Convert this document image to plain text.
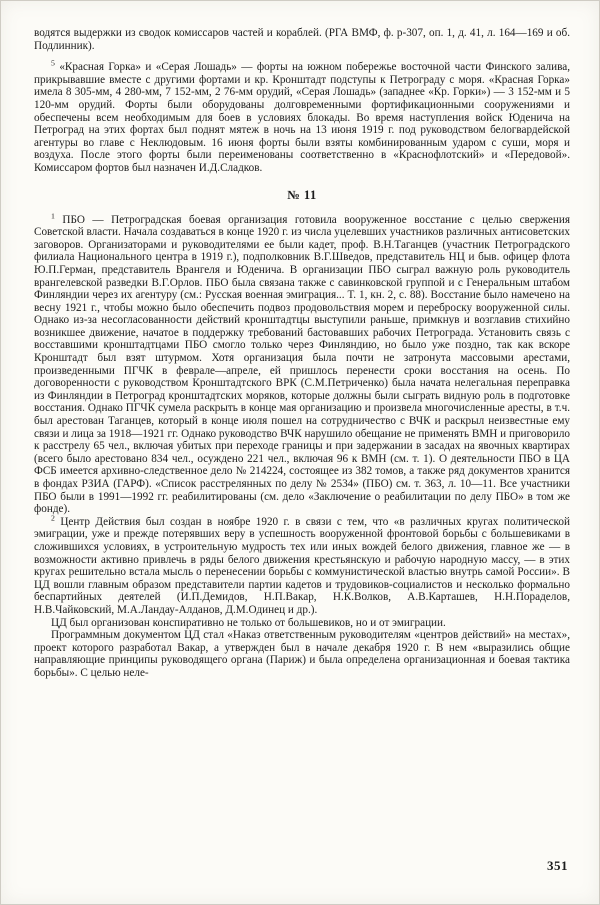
водятся выдержки из сводок комиссаров частей и кораблей. (РГА ВМФ, ф. р-307, оп. 1, д. 41, л. 164—169 и об. Подлинник).

$^5$ «Красная Горка» и «Серая Лошадь» — форты на южном побережье восточной части Финского залива, прикрывавшие вместе с другими фортами и кр. Кронштадт подступы к Петрограду с моря. «Красная Горка» имела 8 305-мм, 4 280-мм, 7 152-мм, 2 76-мм орудий, «Серая Лошадь» (западнее «Кр. Горки») — 3 152-мм и 5 120-мм орудий. Форты были оборудованы долговременными фортификационными сооружениями и обеспечены всем необходимым для боев в условиях блокады. Во время наступления войск Юденича на Петроград на этих фортах был поднят мятеж в ночь на 13 июня 1919 г. под руководством белогвардейской агентуры во главе с Неклюдовым. 16 июня форты были взяты комбинированным ударом с суши, моря и воздуха. После этого форты были переименованы соответственно в «Краснофлотский» и «Передовой». Комиссаром фортов был назначен И.Д.Сладков.

№ 11

$^1$ ПБО — Петроградская боевая организация готовила вооруженное восстание с целью свержения Советской власти. Начала создаваться в конце 1920 г. из числа уцелевших участников различных антисоветских заговоров. Организаторами и руководителями ее были кадет, проф. В.Н.Таганцев (участник Петроградского филиала Национального центра в 1919 г.), подполковник В.Г.Шведов, представитель НЦ и быв. офицер флота Ю.П.Герман, представитель Врангеля и Юденича. В организации ПБО сыграл важную роль руководитель врангелевской разведки В.Г.Орлов. ПБО была связана также с савинковской группой и с Генеральным штабом Финляндии через их агентуру (см.: Русская военная эмиграция... Т. 1, кн. 2, с. 88). Восстание было намечено на весну 1921 г., чтобы можно было обеспечить подвоз продовольствия морем и переброску вооруженной силы. Однако из-за несогласованности действий кронштадтцы выступили раньше, примкнув и возглавив стихийно возникшее движение, начатое в поддержку требований бастовавших рабочих Петрограда. Установить связь с восставшими кронштадтцами ПБО смогло только через Финляндию, но было уже поздно, так как вскоре Кронштадт был взят штурмом. Хотя организация была почти не затронута массовыми арестами, произведенными ПГЧК в феврале—апреле, ей пришлось перенести сроки восстания на осень. По договоренности с руководством Кронштадтского ВРК (С.М.Петриченко) была начата нелегальная переправка из Финляндии в Петроград кронштадтских моряков, которые должны были сыграть видную роль в подготовке восстания. Однако ПГЧК сумела раскрыть в конце мая организацию и произвела многочисленные аресты, в т.ч. был арестован Таганцев, который в конце июля пошел на сотрудничество с ВЧК и раскрыл неизвестные ему связи и лица за 1918—1921 гг. Однако руководство ВЧК нарушило обещание не применять ВМН и приговорило к расстрелу 65 чел., включая убитых при переходе границы и при задержании в засадах на явочных квартирах (всего было арестовано 834 чел., осуждено 221 чел., включая 96 к ВМН (см. т. 1). О деятельности ПБО в ЦА ФСБ имеется архивно-следственное дело № 214224, состоящее из 382 томов, а также ряд документов хранится в фондах РЗИА (ГАРФ). «Список расстрелянных по делу № 2534» (ПБО) см. т. 363, л. 10—11. Все участники ПБО были в 1991—1992 гг. реабилитированы (см. дело «Заключение о реабилитации по делу ПБО» в том же фонде).

$^2$ Центр Действия был создан в ноябре 1920 г. в связи с тем, что «в различных кругах политической эмиграции, уже и прежде потерявших веру в успешность вооруженной фронтовой борьбы с большевиками в сложившихся условиях, в устроительную мудрость тех или иных вождей белого движения, главное же — в возможности активно привлечь в ряды белого движения крестьянскую и рабочую народную массу, — в этих кругах решительно встала мысль о перенесении борьбы с коммунистической властью внутрь самой России». В ЦД вошли главным образом представители партии кадетов и трудовиков-социалистов и несколько формально беспартийных деятелей (И.П.Демидов, Н.П.Вакар, Н.К.Волков, А.В.Карташев, Н.Н.Пораделов, Н.В.Чайковский, М.А.Ландау-Алданов, Д.М.Одинец и др.).

ЦД был организован конспиративно не только от большевиков, но и от эмиграции.

Программным документом ЦД стал «Наказ ответственным руководителям «центров действий» на местах», проект которого разработал Вакар, а утвержден был в начале декабря 1920 г. В нем «выразились общие направляющие принципы руководящего органа (Париж) и была определена организационная и боевая тактика борьбы». С целью неле-

351
